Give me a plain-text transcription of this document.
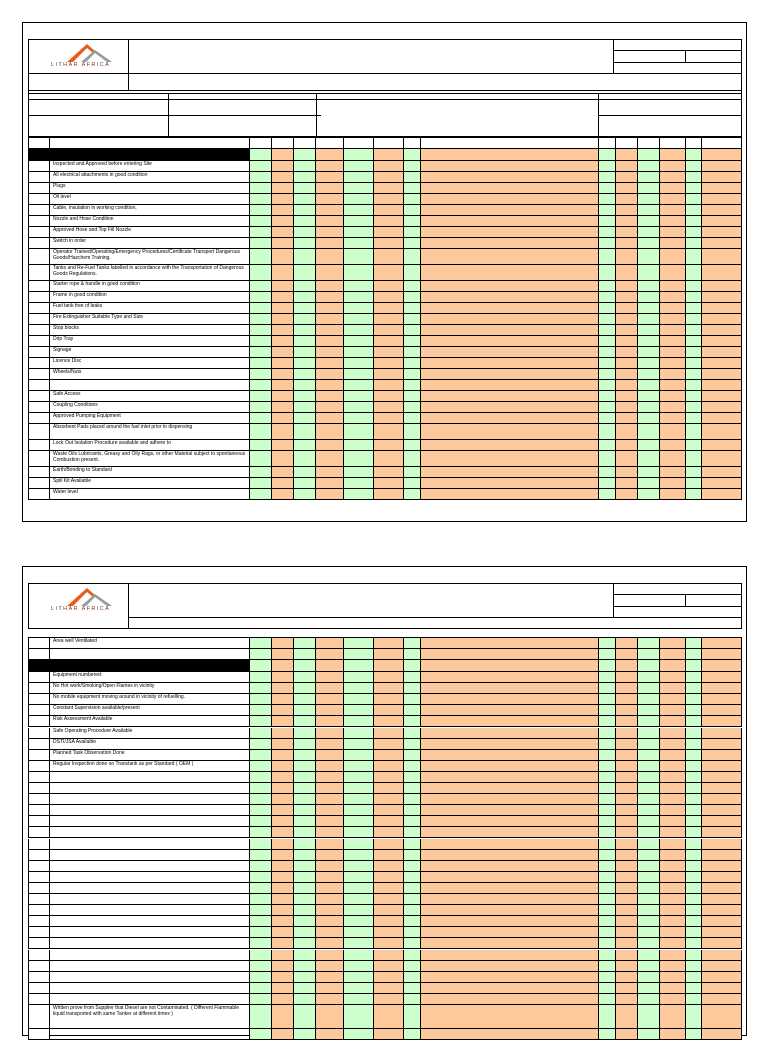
LITHAR AFRICA
Inspected and Approved before entering Site
All electrical attachments in good condition
Plugs
Oil level
Cable, insulation in working condition,
Nozzle and Hose Condition
Approved Hose and Top Fill Nozzle
Switch in order
Operator Trained/Operating/Emergency Procedures/Certificate Transport Dangerous Goods/Hazchem Training.
Tanks and Re-Fuel Tanks labelled in accordance with the Transportation of Dangerous Goods Regulations.
Starter rope & handle in good condition
Frame in good condition
Fuel tank free of leaks
Fire Extinguisher Suitable Type and Size
Stop blocks
Drip Tray
Signage
Licence Disc
Wheels/Nuts
Safe Access
Coupling Conditions
Approved Pumping Equipment
Absorbent Pads placed around the fuel inlet prior to dispensing
Lock Out Isolation Procedure available and adhere to
Waste Oils Lubricants, Greasy and Oily Rags, or other Material subject to spontaneous Combustion present.
Earth/Bonding to Standard
Spill Kit Available
Water level
LITHAR AFRICA
Area well Ventilated
Equipment numbered:
No Hot work/Smoking/Open Flames in vicinity
No mobile equipment moving around in vicinity of refuelling.
Constant Supervision available/present
Risk Assessment Available
Safe Operating Procedure Available
DSTI/JSA Available
Planned Task Observation Done
Regular Inspection done on Transtank as per Standard ( OEM )
Written prove from Supplier that Diesel are not Contaminated. ( Different Flammable liquid transported with same Tanker at different times )
